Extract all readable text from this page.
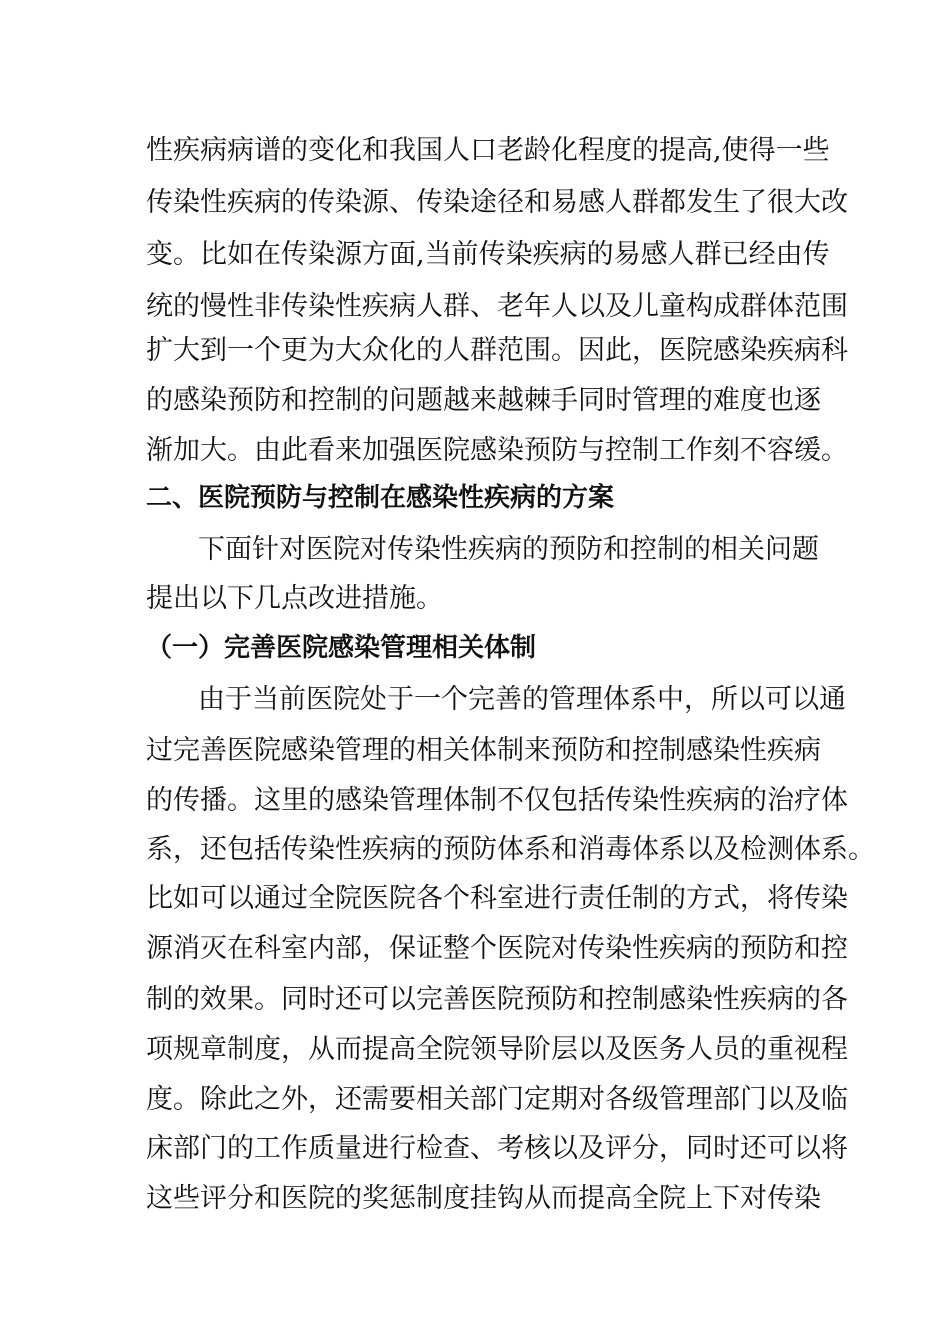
性疾病病谱的变化和我国人口老龄化程度的提高,使得一些
传染性疾病的传染源、传染途径和易感人群都发生了很大改
变。比如在传染源方面,当前传染疾病的易感人群已经由传
统的慢性非传染性疾病人群、老年人以及儿童构成群体范围
扩大到一个更为大众化的人群范围。因此，医院感染疾病科
的感染预防和控制的问题越来越棘手同时管理的难度也逐
渐加大。由此看来加强医院感染预防与控制工作刻不容缓。
二、医院预防与控制在感染性疾病的方案
下面针对医院对传染性疾病的预防和控制的相关问题
提出以下几点改进措施。
（一）完善医院感染管理相关体制
由于当前医院处于一个完善的管理体系中，所以可以通
过完善医院感染管理的相关体制来预防和控制感染性疾病
的传播。这里的感染管理体制不仅包括传染性疾病的治疗体
系，还包括传染性疾病的预防体系和消毒体系以及检测体系。
比如可以通过全院医院各个科室进行责任制的方式，将传染
源消灭在科室内部，保证整个医院对传染性疾病的预防和控
制的效果。同时还可以完善医院预防和控制感染性疾病的各
项规章制度，从而提高全院领导阶层以及医务人员的重视程
度。除此之外，还需要相关部门定期对各级管理部门以及临
床部门的工作质量进行检查、考核以及评分，同时还可以将
这些评分和医院的奖惩制度挂钩从而提高全院上下对传染
